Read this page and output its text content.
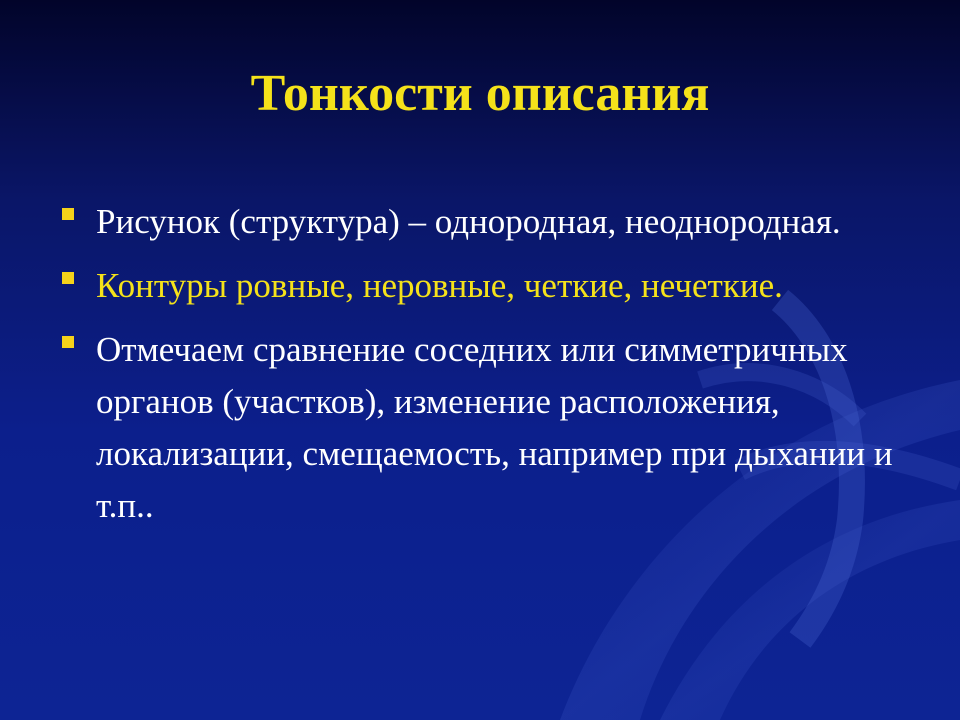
Тонкости описания
Рисунок (структура) – однородная, неоднородная.
Контуры ровные, неровные, четкие, нечеткие.
Отмечаем сравнение соседних или симметричных органов (участков), изменение расположения, локализации, смещаемость, например при дыхании и т.п..
